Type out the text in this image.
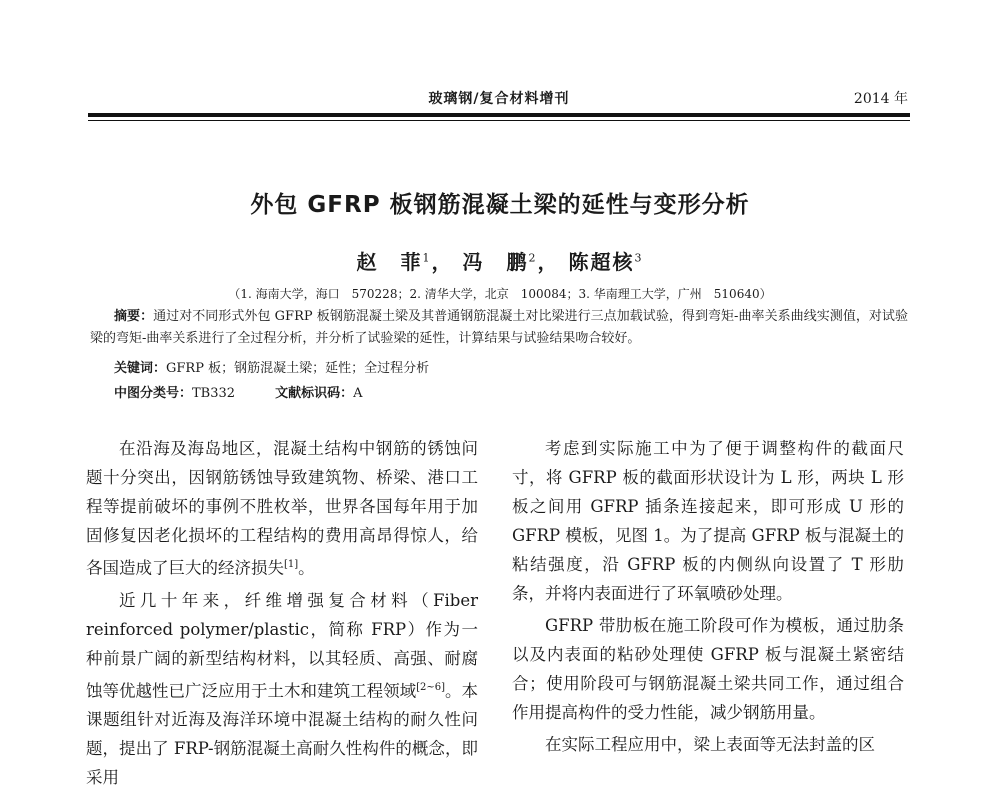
玻璃钢/复合材料增刊	2014 年
外包 GFRP 板钢筋混凝土梁的延性与变形分析
赵　菲$^1$， 冯　鹏$^2$， 陈超核$^3$
（1. 海南大学，海口　570228；2. 清华大学，北京　100084；3. 华南理工大学，广州　510640）
摘要：通过对不同形式外包 GFRP 板钢筋混凝土梁及其普通钢筋混凝土对比梁进行三点加载试验，得到弯矩-曲率关系曲线实测值，对试验梁的弯矩-曲率关系进行了全过程分析，并分析了试验梁的延性，计算结果与试验结果吻合较好。
关键词：GFRP 板；钢筋混凝土梁；延性；全过程分析
中图分类号：TB332	文献标识码：A

在沿海及海岛地区，混凝土结构中钢筋的锈蚀问题十分突出，因钢筋锈蚀导致建筑物、桥梁、港口工程等提前破坏的事例不胜枚举，世界各国每年用于加固修复因老化损坏的工程结构的费用高昂得惊人，给各国造成了巨大的经济损失[1]。

近几十年来，纤维增强复合材料（Fiber reinforced polymer/plastic，简称 FRP）作为一种前景广阔的新型结构材料，以其轻质、高强、耐腐蚀等优越性已广泛应用于土木和建筑工程领域[2~6]。本课题组针对近海及海洋环境中混凝土结构的耐久性问题，提出了 FRP-钢筋混凝土高耐久性构件的概念，即采用

考虑到实际施工中为了便于调整构件的截面尺寸，将 GFRP 板的截面形状设计为 L 形，两块 L 形板之间用 GFRP 插条连接起来，即可形成 U 形的 GFRP 模板，见图 1。为了提高 GFRP 板与混凝土的粘结强度，沿 GFRP 板的内侧纵向设置了 T 形肋条，并将内表面进行了环氧喷砂处理。

GFRP 带肋板在施工阶段可作为模板，通过肋条以及内表面的粘砂处理使 GFRP 板与混凝土紧密结合；使用阶段可与钢筋混凝土梁共同工作，通过组合作用提高构件的受力性能，减少钢筋用量。

在实际工程应用中，梁上表面等无法封盖的区
